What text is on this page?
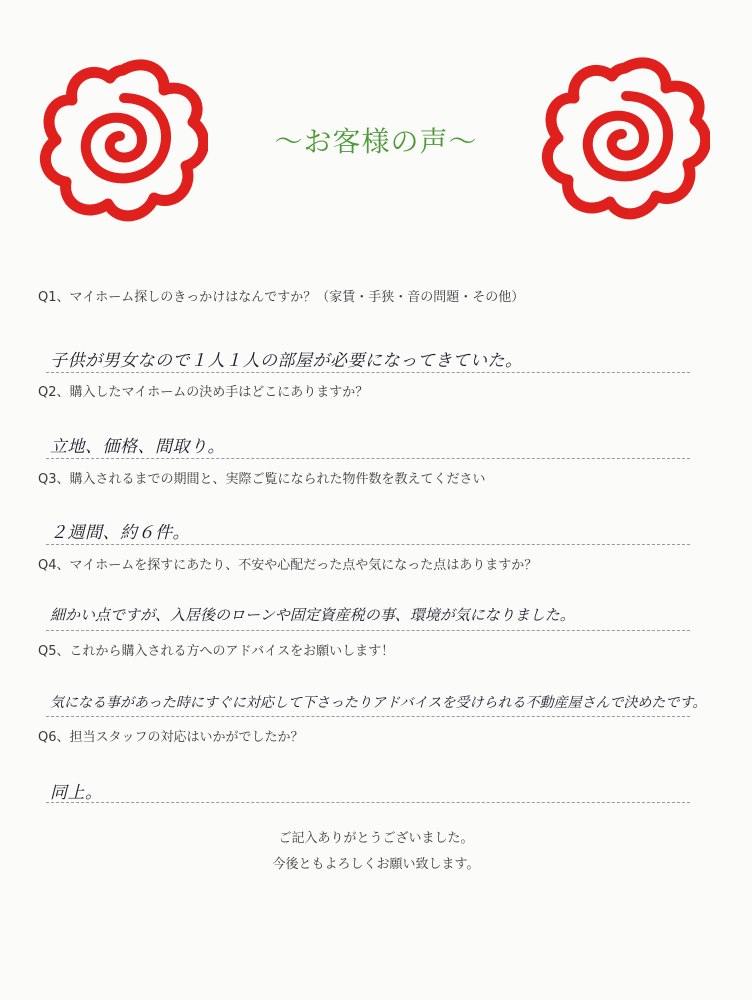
～お客様の声～
Q1、マイホーム探しのきっかけはなんですか？（家賃・手狭・音の問題・その他）
子供が男女なので１人１人の部屋が必要になってきていた。
Q2、購入したマイホームの決め手はどこにありますか？
立地、価格、間取り。
Q3、購入されるまでの期間と、実際ご覧になられた物件数を教えてください
２週間、約６件。
Q4、マイホームを探すにあたり、不安や心配だった点や気になった点はありますか？
細かい点ですが、入居後のローンや固定資産税の事、環境が気になりました。
Q5、これから購入される方へのアドバイスをお願いします！
気になる事があった時にすぐに対応して下さったりアドバイスを受けられる不動産屋さんで決めたです。
Q6、担当スタッフの対応はいかがでしたか？
同上。
ご記入ありがとうございました。
今後ともよろしくお願い致します。
